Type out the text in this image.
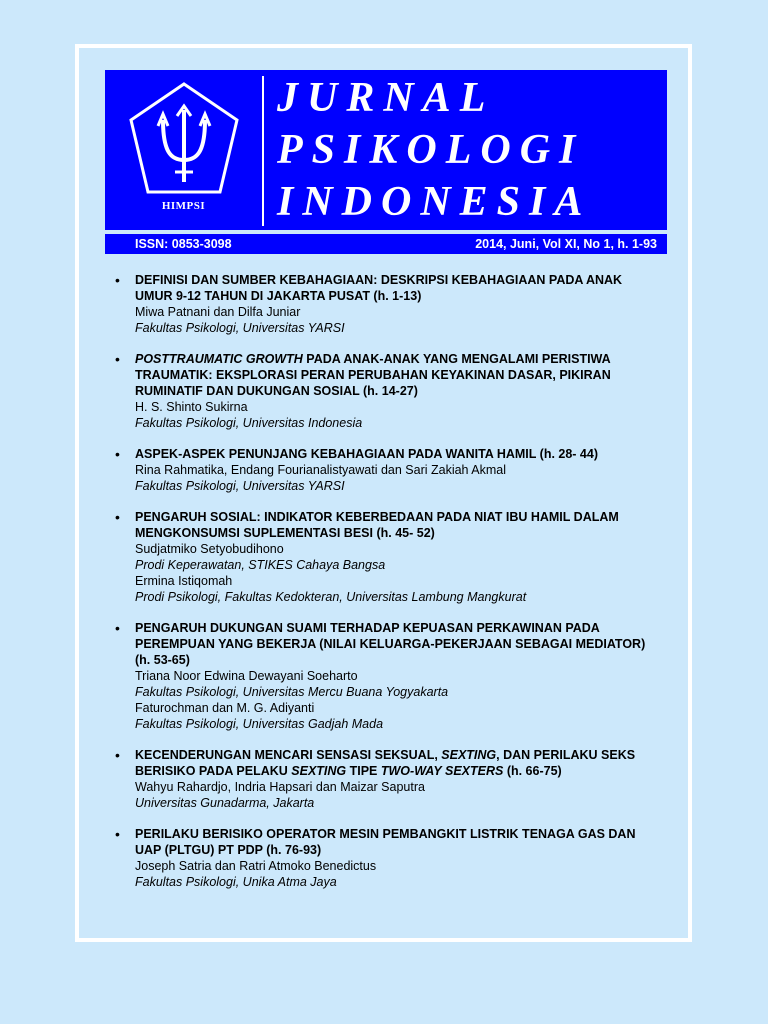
HIMPSI
JURNAL
PSIKOLOGI
INDONESIA
ISSN: 0853-3098	2014, Juni, Vol XI, No 1, h. 1-93
• DEFINISI DAN SUMBER KEBAHAGIAAN: DESKRIPSI KEBAHAGIAAN PADA ANAK UMUR 9-12 TAHUN DI JAKARTA PUSAT (h. 1-13)
Miwa Patnani dan Dilfa Juniar
Fakultas Psikologi, Universitas YARSI
• POSTTRAUMATIC GROWTH PADA ANAK-ANAK YANG MENGALAMI PERISTIWA TRAUMATIK: EKSPLORASI PERAN PERUBAHAN KEYAKINAN DASAR, PIKIRAN RUMINATIF DAN DUKUNGAN SOSIAL (h. 14-27)
H. S. Shinto Sukirna
Fakultas Psikologi, Universitas Indonesia
• ASPEK-ASPEK PENUNJANG KEBAHAGIAAN PADA WANITA HAMIL (h. 28- 44)
Rina Rahmatika, Endang Fourianalistyawati dan Sari Zakiah Akmal
Fakultas Psikologi, Universitas YARSI
• PENGARUH SOSIAL: INDIKATOR KEBERBEDAAN PADA NIAT IBU HAMIL DALAM MENGKONSUMSI SUPLEMENTASI BESI (h. 45- 52)
Sudjatmiko Setyobudihono
Prodi Keperawatan, STIKES Cahaya Bangsa
Ermina Istiqomah
Prodi Psikologi, Fakultas Kedokteran, Universitas Lambung Mangkurat
• PENGARUH DUKUNGAN SUAMI TERHADAP KEPUASAN PERKAWINAN PADA PEREMPUAN YANG BEKERJA (NILAI KELUARGA-PEKERJAAN SEBAGAI MEDIATOR) (h. 53-65)
Triana Noor Edwina Dewayani Soeharto
Fakultas Psikologi, Universitas Mercu Buana Yogyakarta
Faturochman dan M. G. Adiyanti
Fakultas Psikologi, Universitas Gadjah Mada
• KECENDERUNGAN MENCARI SENSASI SEKSUAL, SEXTING, DAN PERILAKU SEKS BERISIKO PADA PELAKU SEXTING TIPE TWO-WAY SEXTERS (h. 66-75)
Wahyu Rahardjo, Indria Hapsari dan Maizar Saputra
Universitas Gunadarma, Jakarta
• PERILAKU BERISIKO OPERATOR MESIN PEMBANGKIT LISTRIK TENAGA GAS DAN UAP (PLTGU) PT PDP (h. 76-93)
Joseph Satria dan Ratri Atmoko Benedictus
Fakultas Psikologi, Unika Atma Jaya
